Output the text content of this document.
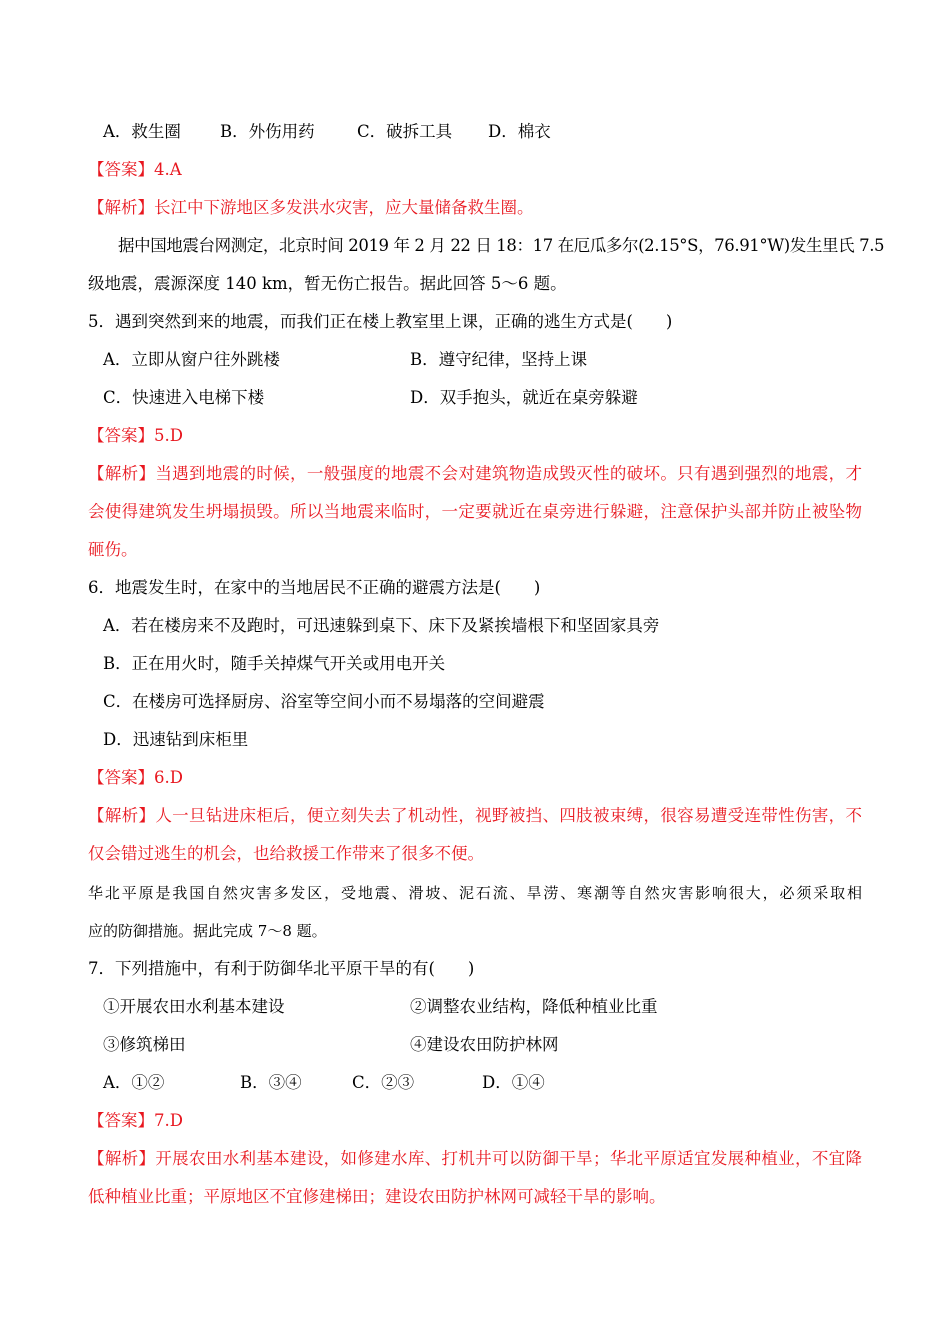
A．救生圈 B．外伤用药	C．破拆工具 D．棉衣
【答案】4.A
【解析】长江中下游地区多发洪水灾害，应大量储备救生圈。
据中国地震台网测定，北京时间 2019 年 2 月 22 日 18：17 在厄瓜多尔(2.15°S，76.91°W)发生里氏 7.5
级地震，震源深度 140 km，暂无伤亡报告。据此回答 5～6 题。
5．遇到突然到来的地震，而我们正在楼上教室里上课，正确的逃生方式是(　　)
A．立即从窗户往外跳楼	B．遵守纪律，坚持上课
C．快速进入电梯下楼	D．双手抱头，就近在桌旁躲避
【答案】5.D
【解析】当遇到地震的时候，一般强度的地震不会对建筑物造成毁灭性的破坏。只有遇到强烈的地震，才
会使得建筑发生坍塌损毁。所以当地震来临时，一定要就近在桌旁进行躲避，注意保护头部并防止被坠物
砸伤。
6．地震发生时，在家中的当地居民不正确的避震方法是(　　)
A．若在楼房来不及跑时，可迅速躲到桌下、床下及紧挨墙根下和坚固家具旁
B．正在用火时，随手关掉煤气开关或用电开关
C．在楼房可选择厨房、浴室等空间小而不易塌落的空间避震
D．迅速钻到床柜里
【答案】6.D
【解析】人一旦钻进床柜后，便立刻失去了机动性，视野被挡、四肢被束缚，很容易遭受连带性伤害，不
仅会错过逃生的机会，也给救援工作带来了很多不便。
华北平原是我国自然灾害多发区，受地震、滑坡、泥石流、旱涝、寒潮等自然灾害影响很大，必须采取相
应的防御措施。据此完成 7～8 题。
7．下列措施中，有利于防御华北平原干旱的有(　　)
①开展农田水利基本建设	②调整农业结构，降低种植业比重
③修筑梯田	④建设农田防护林网
A．①②	B．③④	C．②③	D．①④
【答案】7.D
【解析】开展农田水利基本建设，如修建水库、打机井可以防御干旱；华北平原适宜发展种植业，不宜降
低种植业比重；平原地区不宜修建梯田；建设农田防护林网可减轻干旱的影响。
